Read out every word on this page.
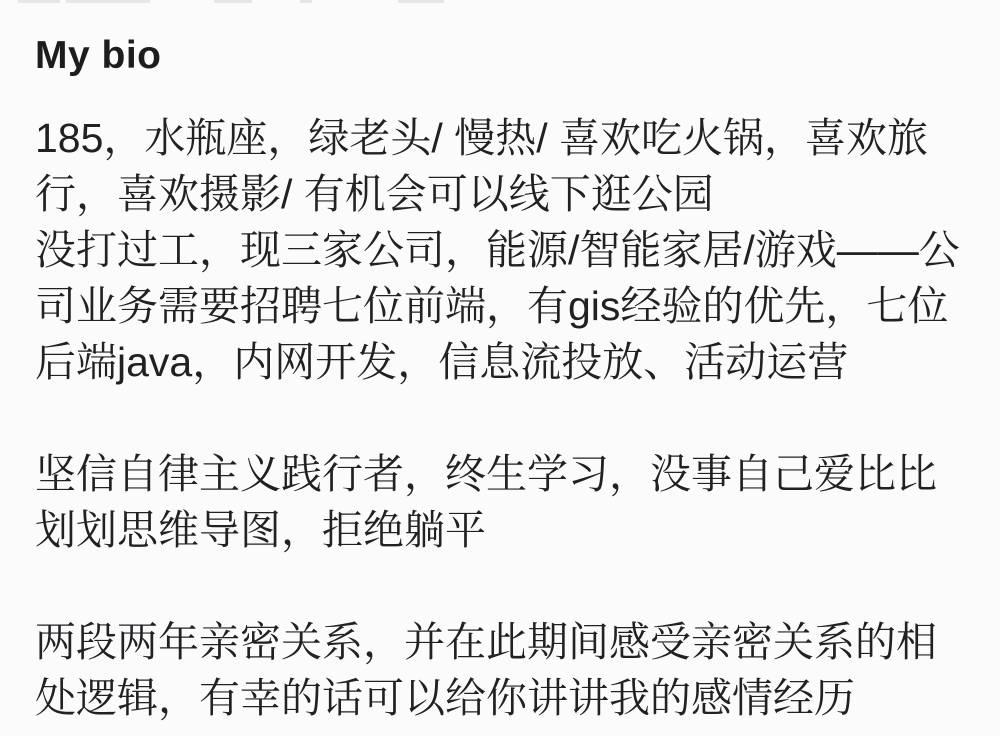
My bio
185，水瓶座，绿老头/ 慢热/ 喜欢吃火锅，喜欢旅
行，喜欢摄影/ 有机会可以线下逛公园
没打过工，现三家公司，能源/智能家居/游戏——公
司业务需要招聘七位前端，有gis经验的优先，七位
后端java，内网开发，信息流投放、活动运营
坚信自律主义践行者，终生学习，没事自己爱比比
划划思维导图，拒绝躺平
两段两年亲密关系，并在此期间感受亲密关系的相
处逻辑，有幸的话可以给你讲讲我的感情经历
